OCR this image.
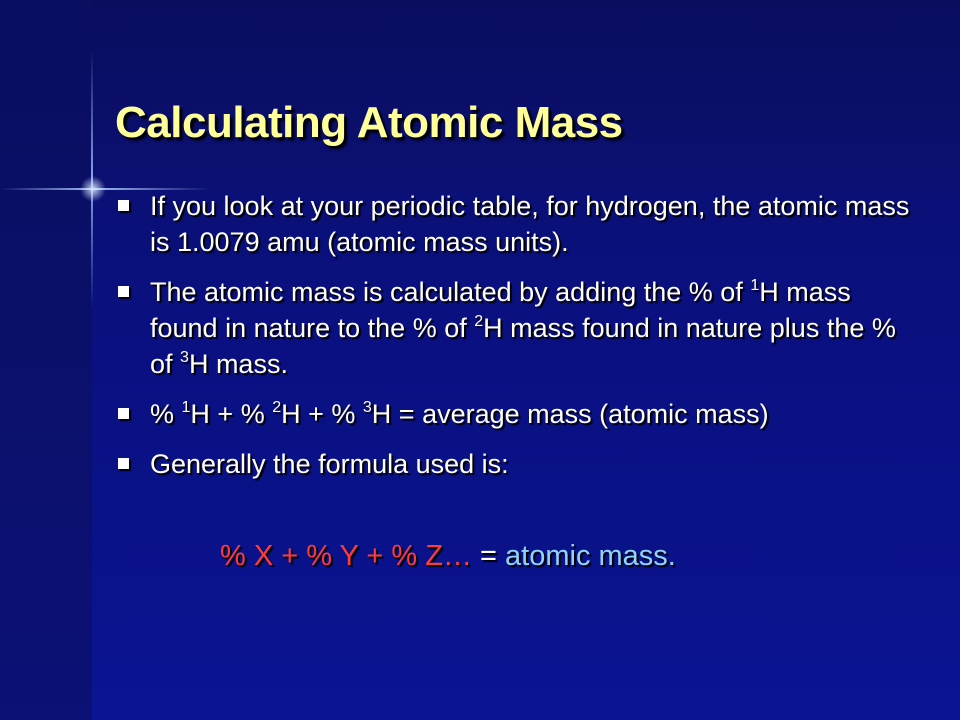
Calculating Atomic Mass
If you look at your periodic table, for hydrogen, the atomic mass is 1.0079 amu (atomic mass units).
The atomic mass is calculated by adding the % of $^1$H mass found in nature to the % of $^2$H mass found in nature plus the % of $^3$H mass.
% $^1$H + % $^2$H + % $^3$H = average mass (atomic mass)
Generally the formula used is:

% X + % Y + % Z… = atomic mass.
